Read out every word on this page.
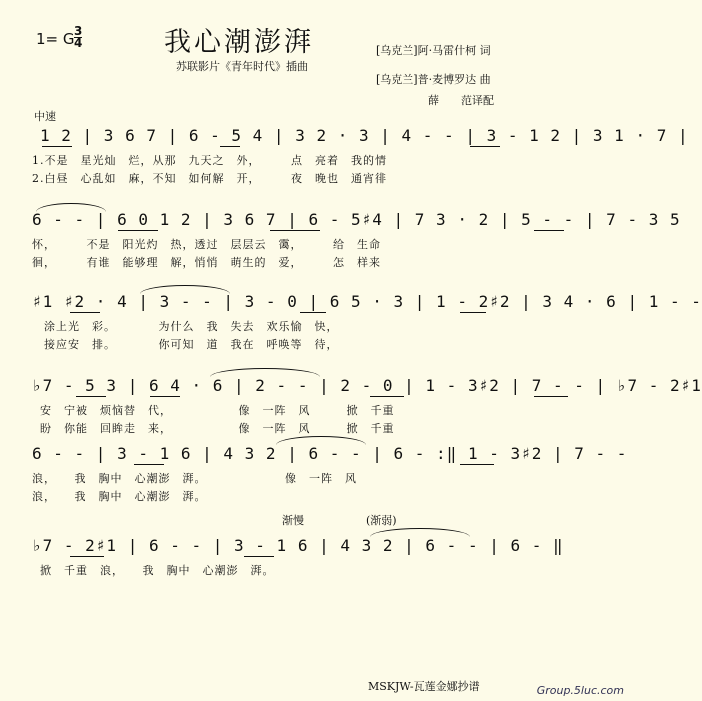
1= G $\frac{3}{4}$	我心潮澎湃
苏联影片《青年时代》插曲
[乌克兰]阿·马雷什柯 词
[乌克兰]普·麦博罗达 曲
薛　　范译配
中速
1 2 | 3 6 7 | 6 - 5 4 | 3 2 · 3 | 4 - - | 3 - 1 2 | 3 1 · 7 |
1.不是　星光灿　烂，从那　九天之　外，　　　点　亮着　我的情
2.白昼　心乱如　麻，不知　如何解　开，　　　夜　晚也　通宵徘
6 - - | 6 0 1 2 | 3 6 7 | 6 - 5♯4 | 7 3 · 2 | 5 - - | 7 - 3 5
怀，　　　不是　阳光灼　热，透过　层层云　霭，　　　给　生命
徊，　　　有谁　能够理　解，悄悄　萌生的　爱，　　　怎　样来
♯1 ♯2 · 4 | 3 - - | 3 - 0 | 6 5 · 3 | 1 - 2♯2 | 3 4 · 6 | 1 - -
涂上光　彩。　　　　为什么　我　失去　欢乐愉　快，
接应安　排。　　　　你可知　道　我在　呼唤等　待，
♭7 - 5 3 | 6 4 · 6 | 2 - - | 2 - 0 | 1 - 3♯2 | 7 - - | ♭7 - 2♯1
安　宁被　烦恼替　代，　　　　　　像　一阵　风　　　掀　千重
盼　你能　回眸走　来，　　　　　　像　一阵　风　　　掀　千重
6 - - | 3 - 1 6 | 4 3 2 | 6 - - | 6 - :‖ 1 - 3♯2 | 7 - -
浪，　　我　胸中　心潮澎　湃。　　　　　　　像　一阵　风
浪，　　我　胸中　心潮澎　湃。
渐慢	(渐弱)
♭7 - 2♯1 | 6 - - | 3 - 1 6 | 4 3 2 | 6 - - | 6 - ‖
掀　千重　浪，　　我　胸中　心潮澎　湃。
MSKJW-瓦莲金娜抄谱	Group.5luc.com
